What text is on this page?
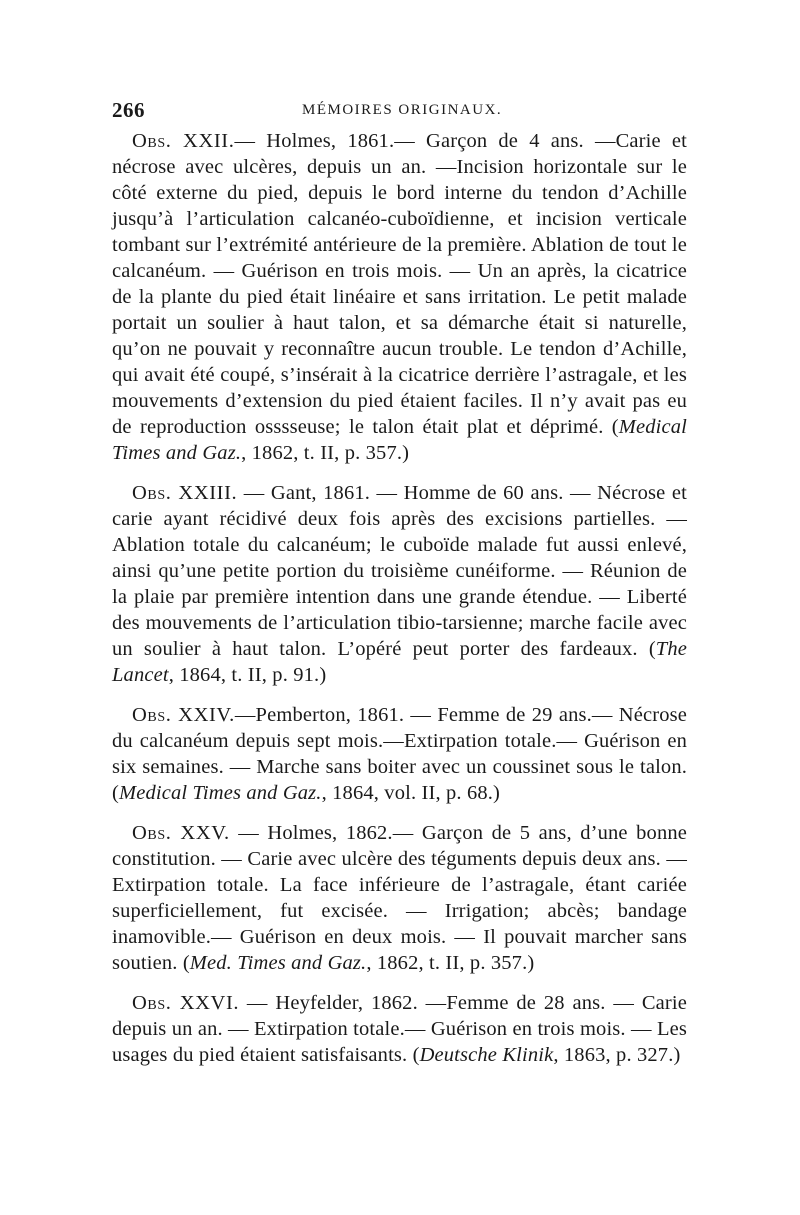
266	MÉMOIRES ORIGINAUX.

Obs. XXII.— Holmes, 1861.— Garçon de 4 ans. —Carie et nécrose avec ulcères, depuis un an. —Incision horizontale sur le côté externe du pied, depuis le bord interne du tendon d’Achille jusqu’à l’articulation calcanéo-cuboïdienne, et incision verticale tombant sur l’extrémité antérieure de la première. Ablation de tout le calcanéum. — Guérison en trois mois. — Un an après, la cicatrice de la plante du pied était linéaire et sans irritation. Le petit malade portait un soulier à haut talon, et sa démarche était si naturelle, qu’on ne pouvait y reconnaître aucun trouble. Le tendon d’Achille, qui avait été coupé, s’insérait à la cicatrice derrière l’astragale, et les mouvements d’extension du pied étaient faciles. Il n’y avait pas eu de reproduction osssseuse; le talon était plat et déprimé. (Medical Times and Gaz., 1862, t. II, p. 357.)

Obs. XXIII. — Gant, 1861. — Homme de 60 ans. — Nécrose et carie ayant récidivé deux fois après des excisions partielles. —Ablation totale du calcanéum; le cuboïde malade fut aussi enlevé, ainsi qu’une petite portion du troisième cunéiforme. — Réunion de la plaie par première intention dans une grande étendue. — Liberté des mouvements de l’articulation tibio-tarsienne; marche facile avec un soulier à haut talon. L’opéré peut porter des fardeaux. (The Lancet, 1864, t. II, p. 91.)

Obs. XXIV.—Pemberton, 1861. — Femme de 29 ans.— Nécrose du calcanéum depuis sept mois.—Extirpation totale.— Guérison en six semaines. — Marche sans boiter avec un coussinet sous le talon. (Medical Times and Gaz., 1864, vol. II, p. 68.)

Obs. XXV. — Holmes, 1862.— Garçon de 5 ans, d’une bonne constitution. — Carie avec ulcère des téguments depuis deux ans. — Extirpation totale. La face inférieure de l’astragale, étant cariée superficiellement, fut excisée. — Irrigation; abcès; bandage inamovible.— Guérison en deux mois. — Il pouvait marcher sans soutien. (Med. Times and Gaz., 1862, t. II, p. 357.)

Obs. XXVI. — Heyfelder, 1862. —Femme de 28 ans. — Carie depuis un an. — Extirpation totale.— Guérison en trois mois. — Les usages du pied étaient satisfaisants. (Deutsche Klinik, 1863, p. 327.)
